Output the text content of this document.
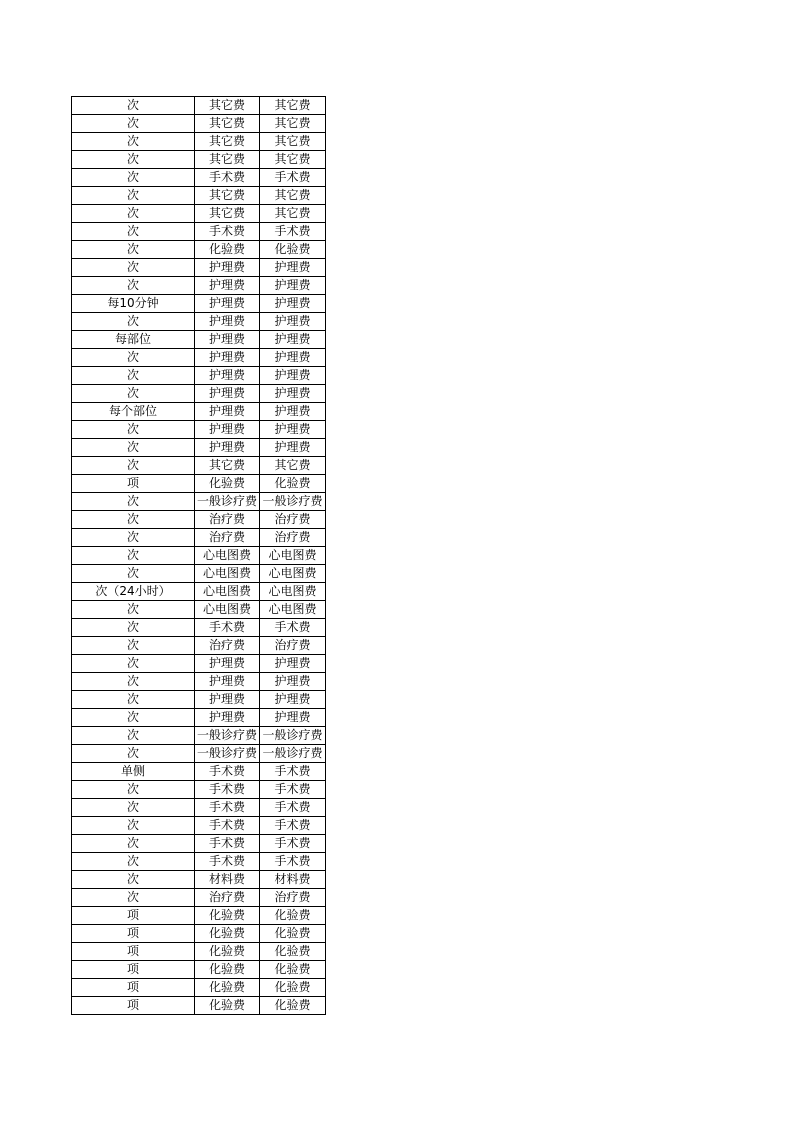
次	其它费	其它费
次	其它费	其它费
次	其它费	其它费
次	其它费	其它费
次	手术费	手术费
次	其它费	其它费
次	其它费	其它费
次	手术费	手术费
次	化验费	化验费
次	护理费	护理费
次	护理费	护理费
每10分钟	护理费	护理费
次	护理费	护理费
每部位	护理费	护理费
次	护理费	护理费
次	护理费	护理费
次	护理费	护理费
每个部位	护理费	护理费
次	护理费	护理费
次	护理费	护理费
次	其它费	其它费
项	化验费	化验费
次	一般诊疗费	一般诊疗费
次	治疗费	治疗费
次	治疗费	治疗费
次	心电图费	心电图费
次	心电图费	心电图费
次（24小时）	心电图费	心电图费
次	心电图费	心电图费
次	手术费	手术费
次	治疗费	治疗费
次	护理费	护理费
次	护理费	护理费
次	护理费	护理费
次	护理费	护理费
次	一般诊疗费	一般诊疗费
次	一般诊疗费	一般诊疗费
单侧	手术费	手术费
次	手术费	手术费
次	手术费	手术费
次	手术费	手术费
次	手术费	手术费
次	手术费	手术费
次	材料费	材料费
次	治疗费	治疗费
项	化验费	化验费
项	化验费	化验费
项	化验费	化验费
项	化验费	化验费
项	化验费	化验费
项	化验费	化验费
